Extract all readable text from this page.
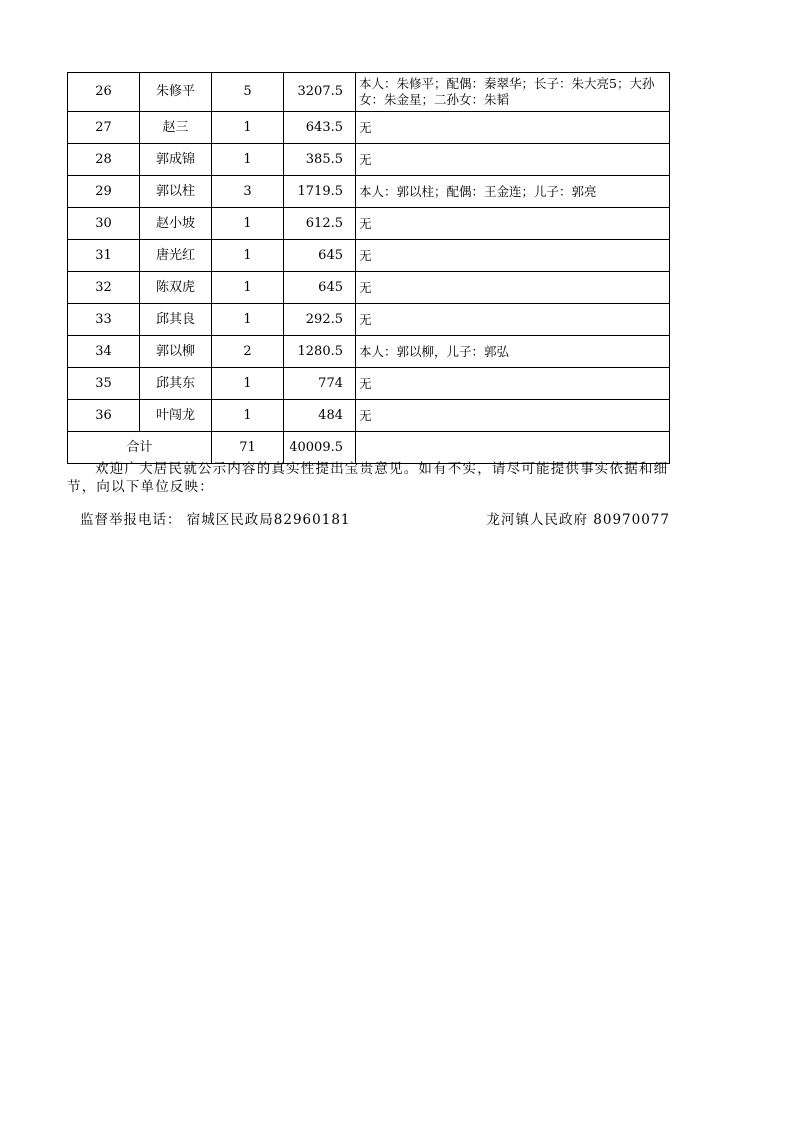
26	朱修平	5	3207.5	本人：朱修平；配偶：秦翠华；长子：朱大亮5；大孙女：朱金星；二孙女：朱韬
27	赵三	1	643.5	无
28	郭成锦	1	385.5	无
29	郭以柱	3	1719.5	本人：郭以柱；配偶：王金连；儿子：郭亮
30	赵小坡	1	612.5	无
31	唐光红	1	645	无
32	陈双虎	1	645	无
33	邱其良	1	292.5	无
34	郭以柳	2	1280.5	本人：郭以柳，儿子：郭弘
35	邱其东	1	774	无
36	叶闯龙	1	484	无
合计		71	40009.5	

欢迎广大居民就公示内容的真实性提出宝贵意见。如有不实，请尽可能提供事实依据和细节，向以下单位反映：

监督举报电话： 宿城区民政局82960181	龙河镇人民政府 80970077
